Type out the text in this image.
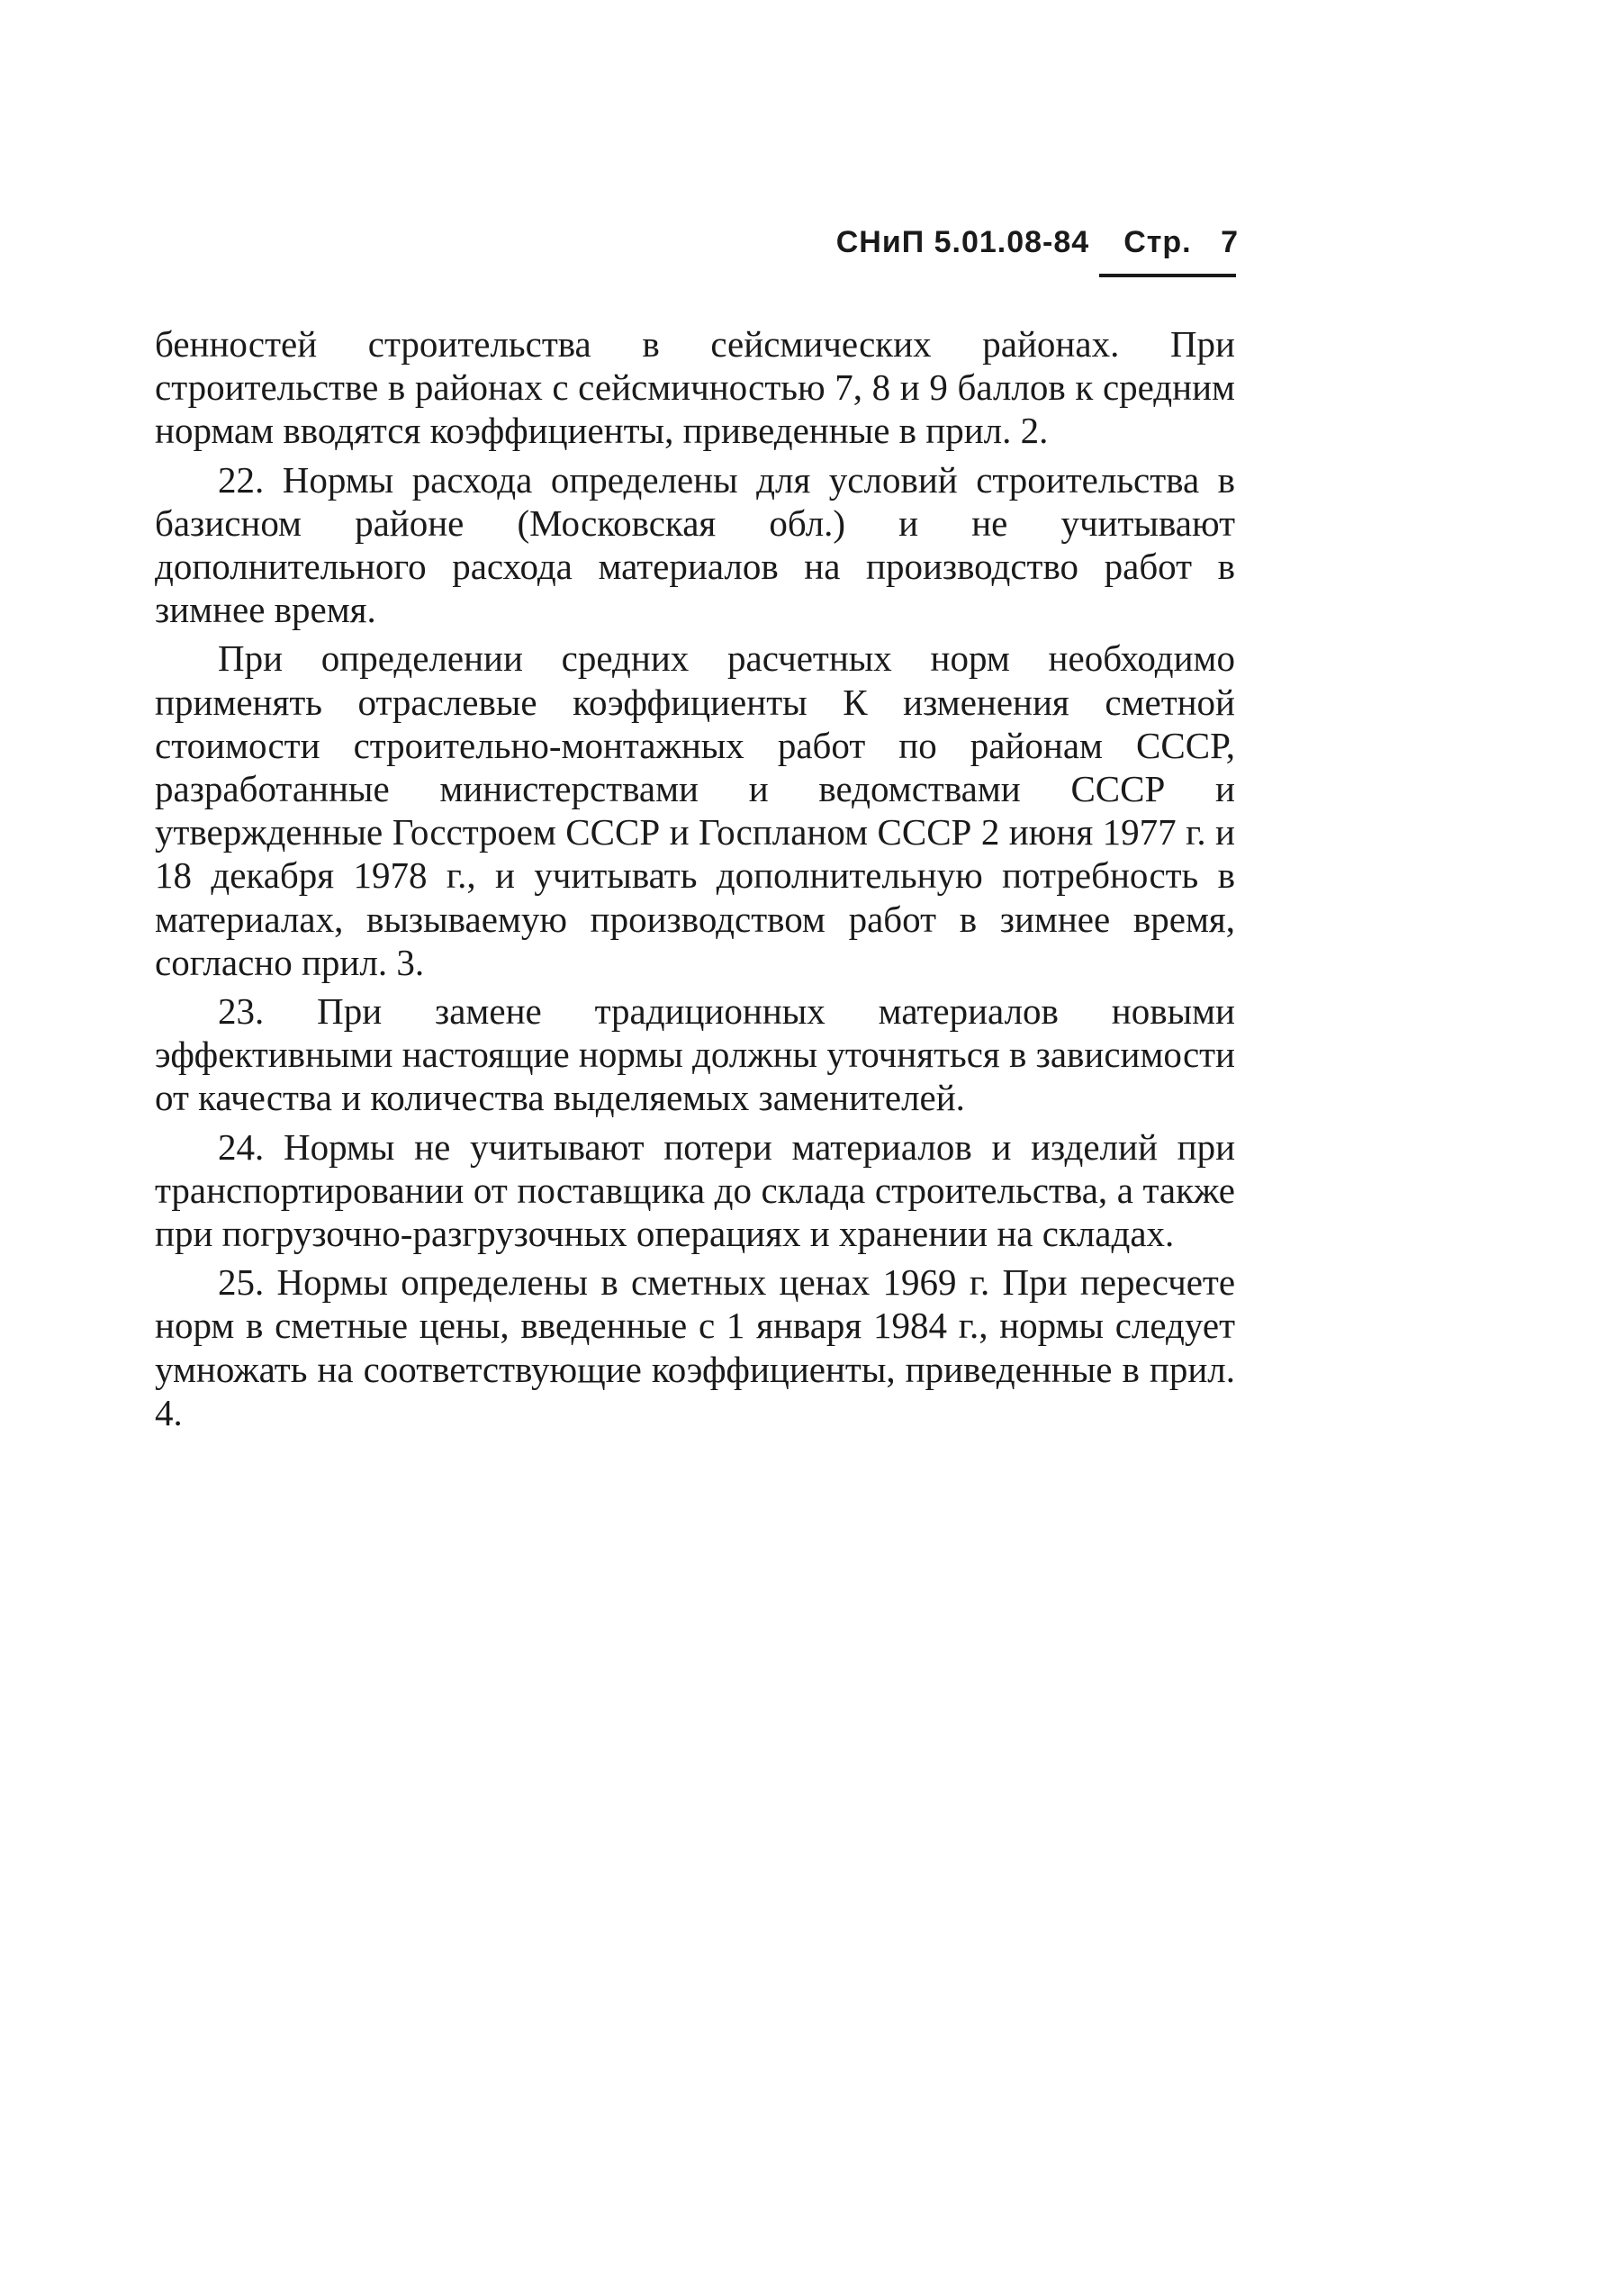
СНиП 5.01.08-84 Стр. 7

бенностей строительства в сейсмических районах. При строительстве в районах с сейсмичностью 7, 8 и 9 баллов к средним нормам вводятся коэффициенты, приведенные в прил. 2.

22. Нормы расхода определены для условий строительства в базисном районе (Московская обл.) и не учитывают дополнительного расхода материалов на производство работ в зимнее время.

При определении средних расчетных норм необходимо применять отраслевые коэффициенты К изменения сметной стоимости строительно-монтажных работ по районам СССР, разработанные министерствами и ведомствами СССР и утвержденные Госстроем СССР и Госпланом СССР 2 июня 1977 г. и 18 декабря 1978 г., и учитывать дополнительную потребность в материалах, вызываемую производством работ в зимнее время, согласно прил. 3.

23. При замене традиционных материалов новыми эффективными настоящие нормы должны уточняться в зависимости от качества и количества выделяемых заменителей.

24. Нормы не учитывают потери материалов и изделий при транспортировании от поставщика до склада строительства, а также при погрузочно-разгрузочных операциях и хранении на складах.

25. Нормы определены в сметных ценах 1969 г. При пересчете норм в сметные цены, введенные с 1 января 1984 г., нормы следует умножать на соответствующие коэффициенты, приведенные в прил. 4.
